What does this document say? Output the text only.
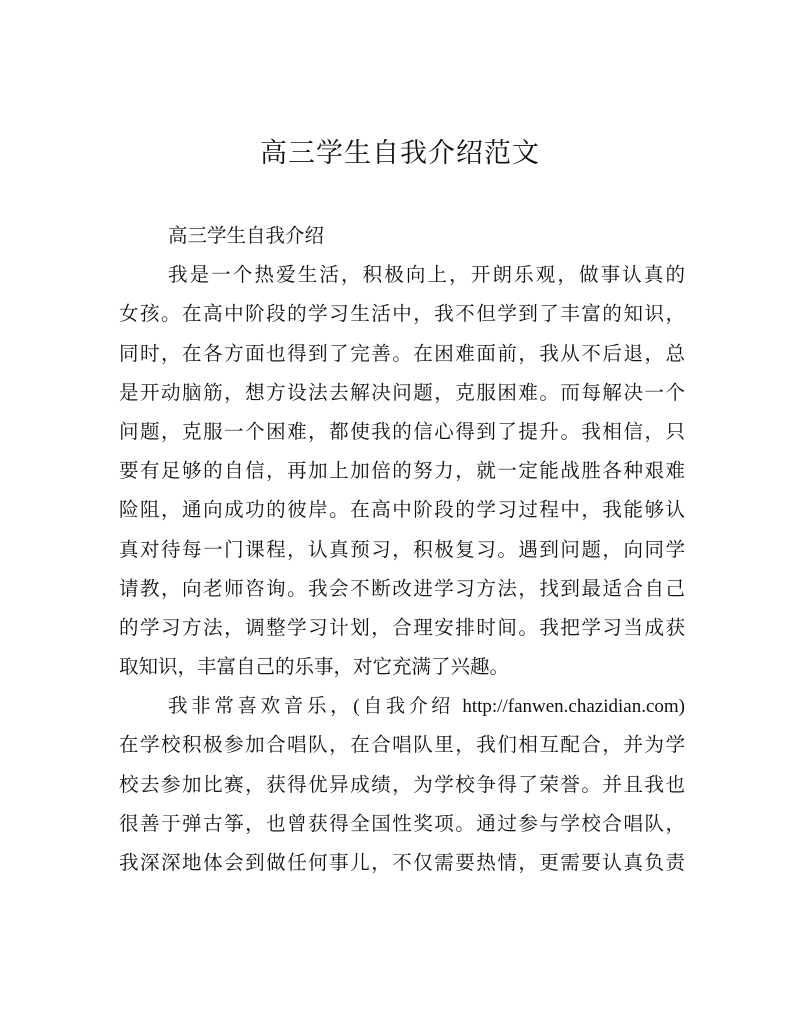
高三学生自我介绍范文
高三学生自我介绍
我是一个热爱生活，积极向上，开朗乐观，做事认真的
女孩。在高中阶段的学习生活中，我不但学到了丰富的知识，
同时，在各方面也得到了完善。在困难面前，我从不后退，总
是开动脑筋，想方设法去解决问题，克服困难。而每解决一个
问题，克服一个困难，都使我的信心得到了提升。我相信，只
要有足够的自信，再加上加倍的努力，就一定能战胜各种艰难
险阻，通向成功的彼岸。在高中阶段的学习过程中，我能够认
真对待每一门课程，认真预习，积极复习。遇到问题，向同学
请教，向老师咨询。我会不断改进学习方法，找到最适合自己
的学习方法，调整学习计划，合理安排时间。我把学习当成获
取知识，丰富自己的乐事，对它充满了兴趣。
我非常喜欢音乐，(自我介绍 http://fanwen.chazidian.com)
在学校积极参加合唱队，在合唱队里，我们相互配合，并为学
校去参加比赛，获得优异成绩，为学校争得了荣誉。并且我也
很善于弹古筝，也曾获得全国性奖项。通过参与学校合唱队，
我深深地体会到做任何事儿，不仅需要热情，更需要认真负责
